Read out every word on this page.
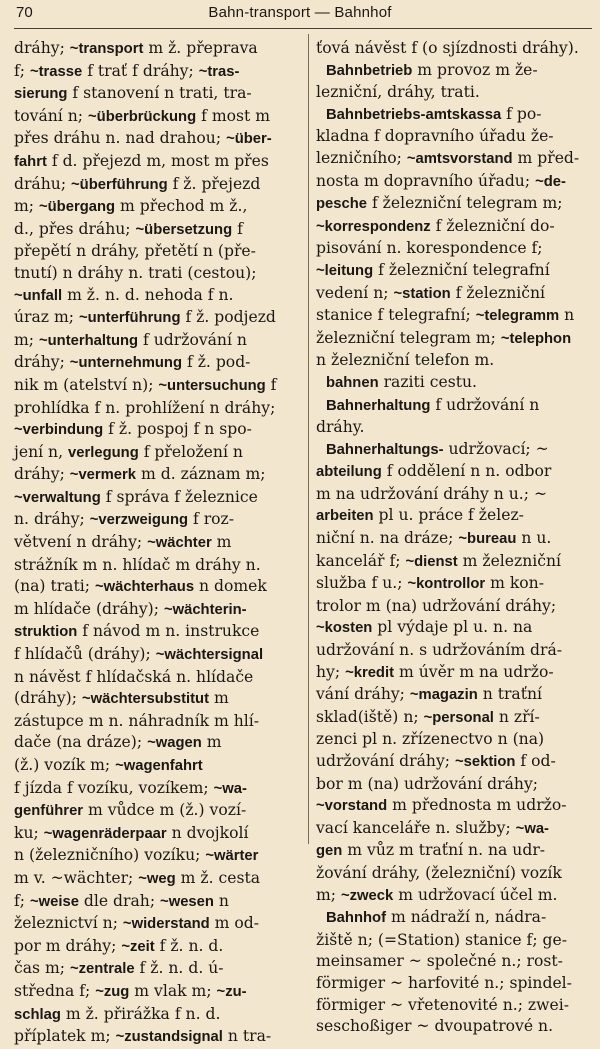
70	Bahn-transport — Bahnhof
dráhy; ~transport m ž. přeprava
f; ~trasse f trať f dráhy; ~tras-
sierung f stanovení n trati, tra-
tování n; ~überbrückung f most m
přes dráhu n. nad drahou; ~über-
fahrt f d. přejezd m, most m přes
dráhu; ~überführung f ž. přejezd
m; ~übergang m přechod m ž.,
d., přes dráhu; ~übersetzung f
přepětí n dráhy, přetětí n (pře-
tnutí) n dráhy n. trati (cestou);
~unfall m ž. n. d. nehoda f n.
úraz m; ~unterführung f ž. podjezd
m; ~unterhaltung f udržování n
dráhy; ~unternehmung f ž. pod-
nik m (atelství n); ~untersuchung f
prohlídka f n. prohlížení n dráhy;
~verbindung f ž. pospoj f n spo-
jení n, verlegung f přeložení n
dráhy; ~vermerk m d. záznam m;
~verwaltung f správa f železnice
n. dráhy; ~verzweigung f roz-
větvení n dráhy; ~wächter m
strážník m n. hlídač m dráhy n.
(na) trati; ~wächterhaus n domek
m hlídače (dráhy); ~wächterin-
struktion f návod m n. instrukce
f hlídačů (dráhy); ~wächtersignal
n návěst f hlídačská n. hlídače
(dráhy); ~wächtersubstitut m
zástupce m n. náhradník m hlí-
dače (na dráze); ~wagen m
(ž.) vozík m; ~wagenfahrt
f jízda f vozíku, vozíkem; ~wa-
genführer m vůdce m (ž.) vozí-
ku; ~wagenräderpaar n dvojkolí
n (železničního) vozíku; ~wärter
m v. ~wächter; ~weg m ž. cesta
f; ~weise dle drah; ~wesen n
železnictví n; ~widerstand m od-
por m dráhy; ~zeit f ž. n. d.
čas m; ~zentrale f ž. n. d. ú-
středna f; ~zug m vlak m; ~zu-
schlag m ž. přirážka f n. d.
příplatek m; ~zustandsignal n tra-
ťová návěst f (o sjízdnosti dráhy).
Bahnbetrieb m provoz m že-
lezniční, dráhy, trati.
Bahnbetriebs-amtskassa f po-
kladna f dopravního úřadu že-
lezničního; ~amtsvorstand m před-
nosta m dopravního úřadu; ~de-
pesche f železniční telegram m;
~korrespondenz f železniční do-
pisování n. korespondence f;
~leitung f železniční telegrafní
vedení n; ~station f železniční
stanice f telegrafní; ~telegramm n
železniční telegram m; ~telephon
n železniční telefon m.
bahnen raziti cestu.
Bahnerhaltung f udržování n
dráhy.
Bahnerhaltungs- udržovací; ~
abteilung f oddělení n n. odbor
m na udržování dráhy n u.; ~
arbeiten pl u. práce f želez-
niční n. na dráze; ~bureau n u.
kancelář f; ~dienst m železniční
služba f u.; ~kontrollor m kon-
trolor m (na) udržování dráhy;
~kosten pl výdaje pl u. n. na
udržování n. s udržováním drá-
hy; ~kredit m úvěr m na udržo-
vání dráhy; ~magazin n traťní
sklad(iště) n; ~personal n zří-
zenci pl n. zřízenectvo n (na)
udržování dráhy; ~sektion f od-
bor m (na) udržování dráhy;
~vorstand m přednosta m udržo-
vací kanceláře n. služby; ~wa-
gen m vůz m traťní n. na udr-
žování dráhy, (železniční) vozík
m; ~zweck m udržovací účel m.
Bahnhof m nádraží n, nádra-
žiště n; (=Station) stanice f; ge-
meinsamer ~ společné n.; rost-
förmiger ~ harfovité n.; spindel-
förmiger ~ vřetenovité n.; zwei-
seschoßiger ~ dvoupatrové n.
